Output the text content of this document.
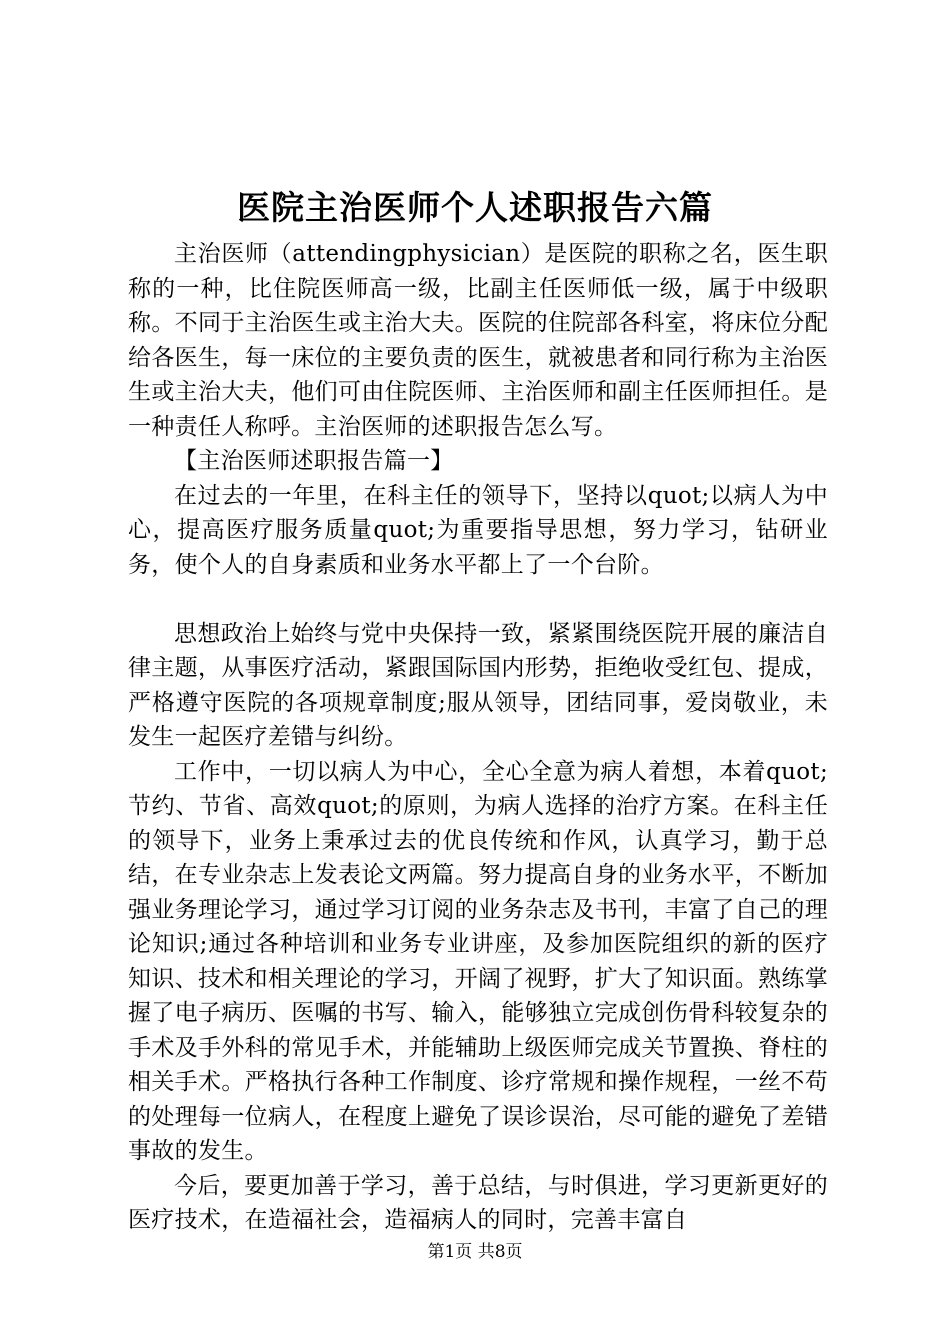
医院主治医师个人述职报告六篇

主治医师（attendingphysician）是医院的职称之名，医生职称的一种，比住院医师高一级，比副主任医师低一级，属于中级职称。不同于主治医生或主治大夫。医院的住院部各科室，将床位分配给各医生，每一床位的主要负责的医生，就被患者和同行称为主治医生或主治大夫，他们可由住院医师、主治医师和副主任医师担任。是一种责任人称呼。主治医师的述职报告怎么写。

【主治医师述职报告篇一】

在过去的一年里，在科主任的领导下，坚持以quot;以病人为中心，提高医疗服务质量quot;为重要指导思想，努力学习，钻研业务，使个人的自身素质和业务水平都上了一个台阶。

思想政治上始终与党中央保持一致，紧紧围绕医院开展的廉洁自律主题，从事医疗活动，紧跟国际国内形势，拒绝收受红包、提成，严格遵守医院的各项规章制度;服从领导，团结同事，爱岗敬业，未发生一起医疗差错与纠纷。

工作中，一切以病人为中心，全心全意为病人着想，本着quot;节约、节省、高效quot;的原则，为病人选择的治疗方案。在科主任的领导下，业务上秉承过去的优良传统和作风，认真学习，勤于总结，在专业杂志上发表论文两篇。努力提高自身的业务水平，不断加强业务理论学习，通过学习订阅的业务杂志及书刊，丰富了自己的理论知识;通过各种培训和业务专业讲座，及参加医院组织的新的医疗知识、技术和相关理论的学习，开阔了视野，扩大了知识面。熟练掌握了电子病历、医嘱的书写、输入，能够独立完成创伤骨科较复杂的手术及手外科的常见手术，并能辅助上级医师完成关节置换、脊柱的相关手术。严格执行各种工作制度、诊疗常规和操作规程，一丝不苟的处理每一位病人，在程度上避免了误诊误治，尽可能的避免了差错事故的发生。

今后，要更加善于学习，善于总结，与时俱进，学习更新更好的医疗技术，在造福社会，造福病人的同时，完善丰富自

第1页 共8页
